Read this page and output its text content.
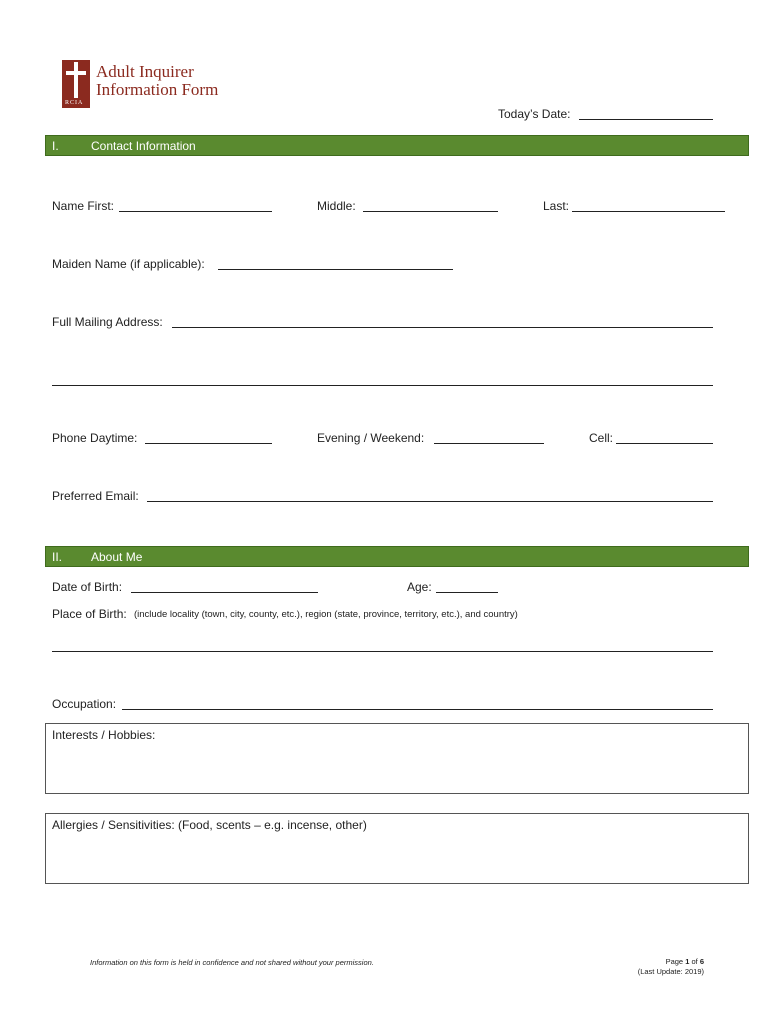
RCIA
Adult Inquirer
Information Form
Today’s Date:
I.	Contact Information
Name First:	Middle:	Last:
Maiden Name (if applicable):
Full Mailing Address:
Phone Daytime:	Evening / Weekend:	Cell:
Preferred Email:
II. About Me
Date of Birth:	Age:
Place of Birth: (include locality (town, city, county, etc.), region (state, province, territory, etc.), and country)
Occupation:
Interests / Hobbies:
Allergies / Sensitivities: (Food, scents – e.g. incense, other)
Information on this form is held in confidence and not shared without your permission.	Page 1 of 6
(Last Update: 2019)
